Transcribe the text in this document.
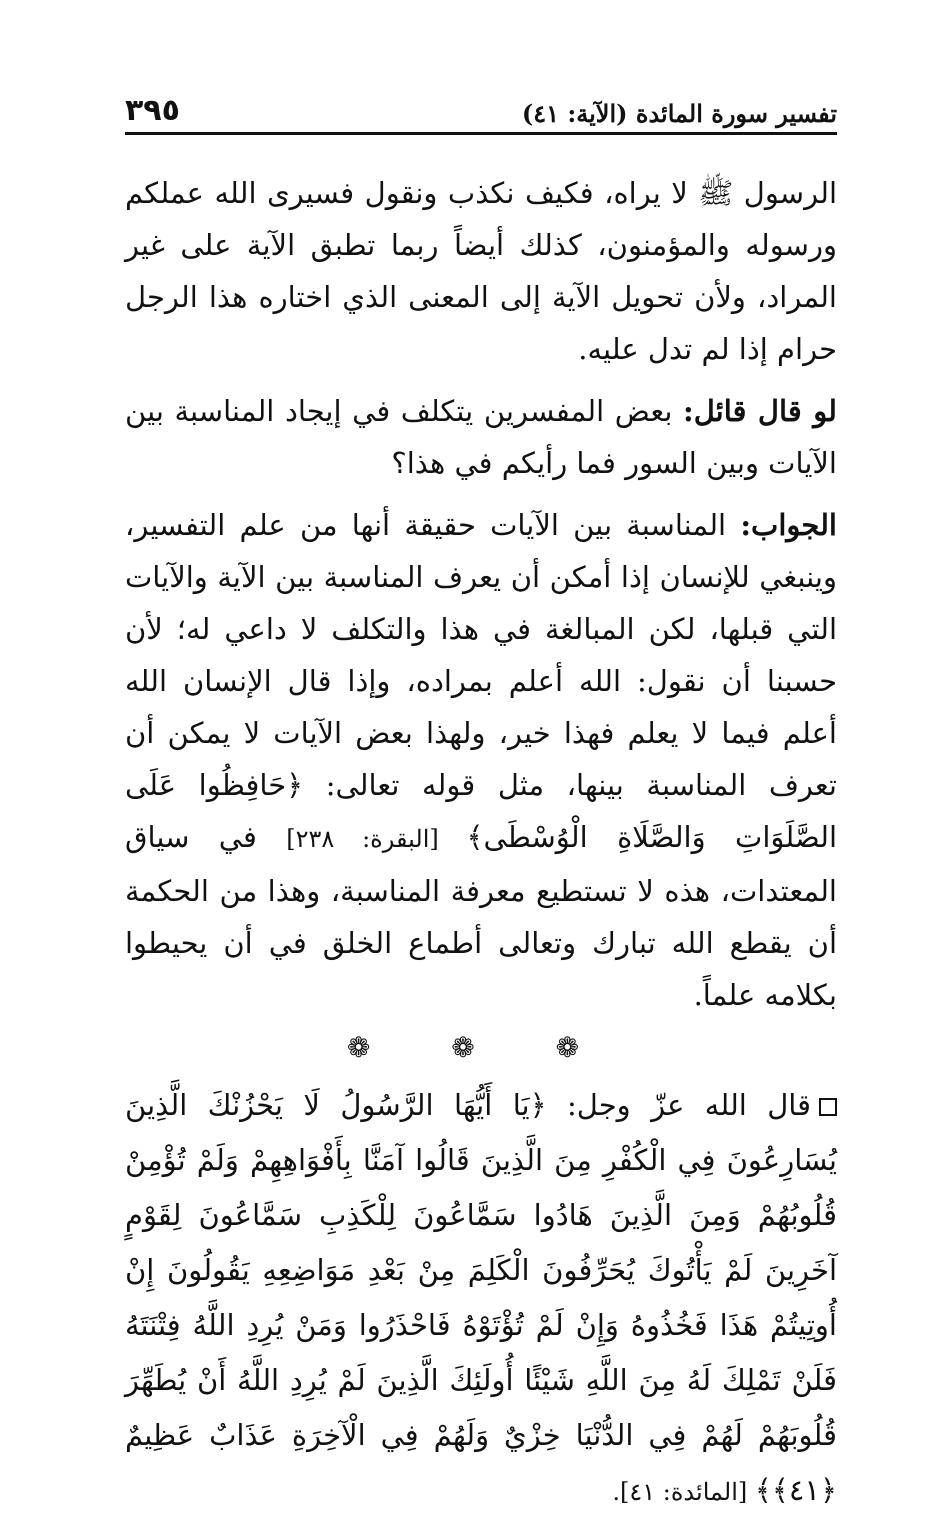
تفسير سورة المائدة (الآية: ٤١)
٣٩٥

الرسول ﷺ لا يراه، فكيف نكذب ونقول فسيرى الله عملكم ورسوله والمؤمنون، كذلك أيضاً ربما تطبق الآية على غير المراد، ولأن تحويل الآية إلى المعنى الذي اختاره هذا الرجل حرام إذا لم تدل عليه.

لو قال قائل: بعض المفسرين يتكلف في إيجاد المناسبة بين الآيات وبين السور فما رأيكم في هذا؟

الجواب: المناسبة بين الآيات حقيقة أنها من علم التفسير، وينبغي للإنسان إذا أمكن أن يعرف المناسبة بين الآية والآيات التي قبلها، لكن المبالغة في هذا والتكلف لا داعي له؛ لأن حسبنا أن نقول: الله أعلم بمراده، وإذا قال الإنسان الله أعلم فيما لا يعلم فهذا خير، ولهذا بعض الآيات لا يمكن أن تعرف المناسبة بينها، مثل قوله تعالى: ﴿حَافِظُوا عَلَى الصَّلَوَاتِ وَالصَّلَاةِ الْوُسْطَى﴾ [البقرة: ٢٣٨] في سياق المعتدات، هذه لا تستطيع معرفة المناسبة، وهذا من الحكمة أن يقطع الله تبارك وتعالى أطماع الخلق في أن يحيطوا بكلامه علماً.

❁ ❁ ❁
قال الله عزّ وجل: ﴿يَا أَيُّهَا الرَّسُولُ لَا يَحْزُنْكَ الَّذِينَ يُسَارِعُونَ فِي الْكُفْرِ مِنَ الَّذِينَ قَالُوا آمَنَّا بِأَفْوَاهِهِمْ وَلَمْ تُؤْمِنْ قُلُوبُهُمْ وَمِنَ الَّذِينَ هَادُوا سَمَّاعُونَ لِلْكَذِبِ سَمَّاعُونَ لِقَوْمٍ آخَرِينَ لَمْ يَأْتُوكَ يُحَرِّفُونَ الْكَلِمَ مِنْ بَعْدِ مَوَاضِعِهِ يَقُولُونَ إِنْ أُوتِيتُمْ هَذَا فَخُذُوهُ وَإِنْ لَمْ تُؤْتَوْهُ فَاحْذَرُوا وَمَنْ يُرِدِ اللَّهُ فِتْنَتَهُ فَلَنْ تَمْلِكَ لَهُ مِنَ اللَّهِ شَيْئًا أُولَئِكَ الَّذِينَ لَمْ يُرِدِ اللَّهُ أَنْ يُطَهِّرَ قُلُوبَهُمْ لَهُمْ فِي الدُّنْيَا خِزْيٌ وَلَهُمْ فِي الْآخِرَةِ عَذَابٌ عَظِيمٌ ﴿٤١﴾﴾ [المائدة: ٤١].
